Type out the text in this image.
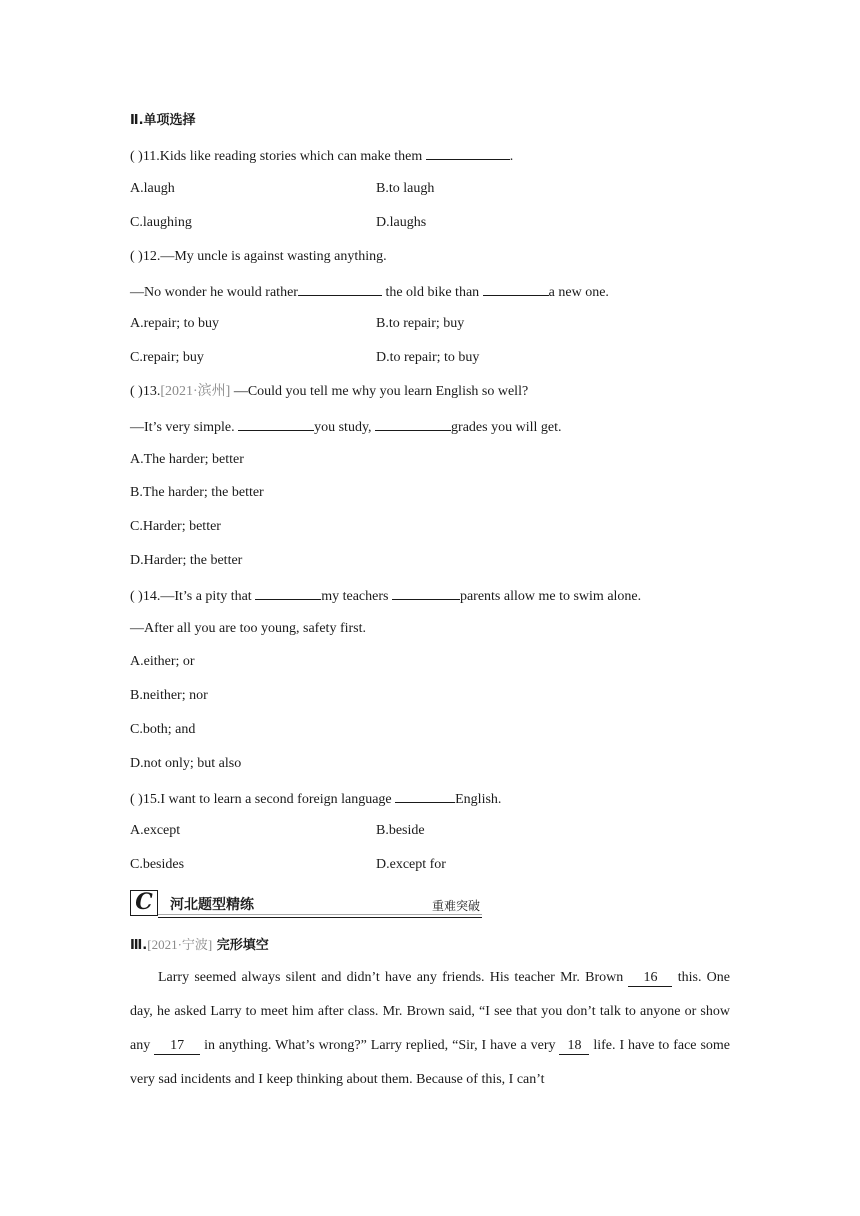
Ⅱ.单项选择
( )11.Kids like reading stories which can make them	.
A.laugh	B.to laugh
C.laughing	D.laughs
( )12.—My uncle is against wasting anything.
—No wonder he would rather	the old bike than	a new one.
A.repair; to buy	B.to repair; buy
C.repair; buy	D.to repair; to buy
( )13.[2021·滨州] —Could you tell me why you learn English so well?
—It’s very simple.	you study,	grades you will get.
A.The harder; better
B.The harder; the better
C.Harder; better
D.Harder; the better
( )14.—It’s a pity that	my teachers	parents allow me to swim alone.
—After all you are too young, safety first.
A.either; or
B.neither; nor
C.both; and
D.not only; but also
( )15.I want to learn a second foreign language	English.
A.except	B.beside
C.besides	D.except for
C	河北题型精练	重难突破
Ⅲ.[2021·宁波] 完形填空
Larry seemed always silent and didn’t have any friends. His teacher Mr. Brown 16 this. One day, he asked Larry to meet him after class. Mr. Brown said, “I see that you don’t talk to anyone or show any 17 in anything. What’s wrong?” Larry replied, “Sir, I have a very 18 life. I have to face some very sad incidents and I keep thinking about them. Because of this, I can’t
